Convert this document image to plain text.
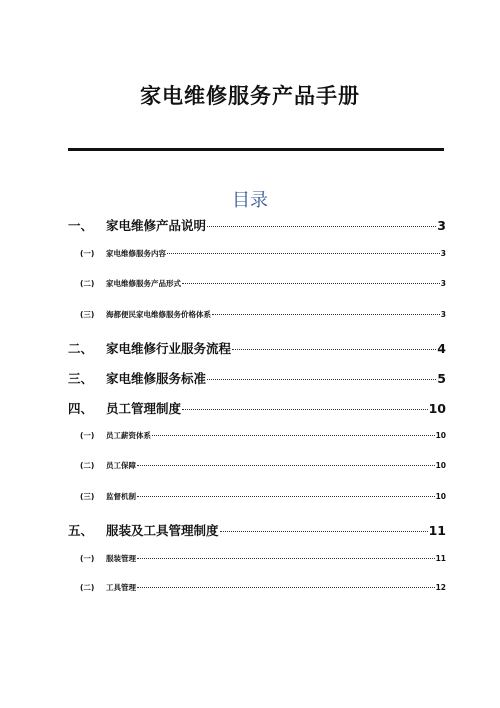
家电维修服务产品手册
目录
一、	家电维修产品说明	3
(一)	家电维修服务内容	3
(二)	家电维修服务产品形式	3
(三)	海都便民家电维修服务价格体系	3
二、	家电维修行业服务流程	4
三、	家电维修服务标准	5
四、	员工管理制度	10
(一)	员工薪资体系	10
(二)	员工保障	10
(三)	监督机制	10
五、	服装及工具管理制度	11
(一)	服装管理	11
(二)	工具管理	12
